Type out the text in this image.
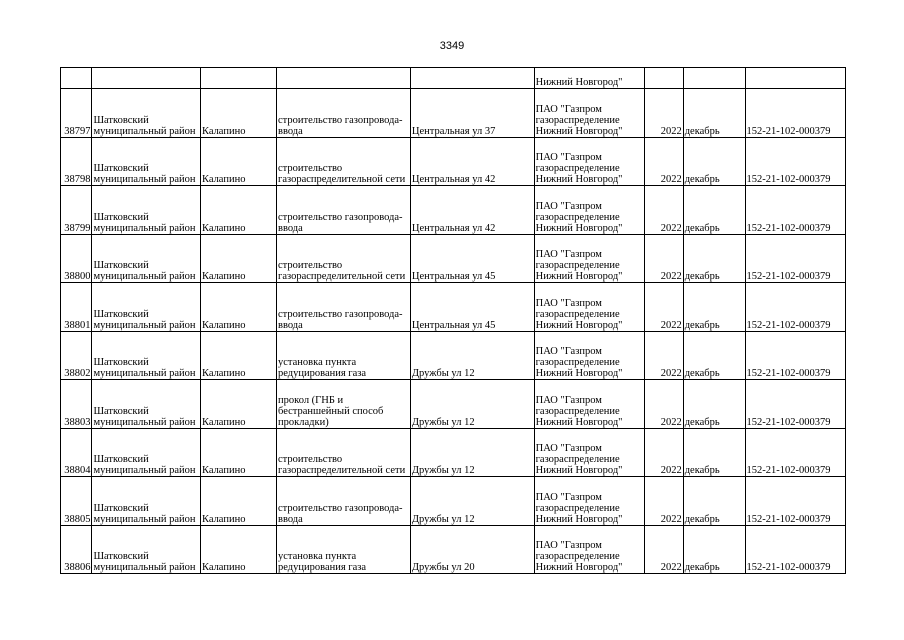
3349
					Нижний Новгород"			
38797	Шатковский муниципальный район	Калапино	строительство газопровода-ввода	Центральная ул 37	ПАО "Газпром газораспределение Нижний Новгород"	2022	декабрь	152-21-102-000379
38798	Шатковский муниципальный район	Калапино	строительство газораспределительной сети	Центральная ул 42	ПАО "Газпром газораспределение Нижний Новгород"	2022	декабрь	152-21-102-000379
38799	Шатковский муниципальный район	Калапино	строительство газопровода-ввода	Центральная ул 42	ПАО "Газпром газораспределение Нижний Новгород"	2022	декабрь	152-21-102-000379
38800	Шатковский муниципальный район	Калапино	строительство газораспределительной сети	Центральная ул 45	ПАО "Газпром газораспределение Нижний Новгород"	2022	декабрь	152-21-102-000379
38801	Шатковский муниципальный район	Калапино	строительство газопровода-ввода	Центральная ул 45	ПАО "Газпром газораспределение Нижний Новгород"	2022	декабрь	152-21-102-000379
38802	Шатковский муниципальный район	Калапино	установка пункта редуцирования газа	Дружбы ул 12	ПАО "Газпром газораспределение Нижний Новгород"	2022	декабрь	152-21-102-000379
38803	Шатковский муниципальный район	Калапино	прокол (ГНБ и бестраншейный способ прокладки)	Дружбы ул 12	ПАО "Газпром газораспределение Нижний Новгород"	2022	декабрь	152-21-102-000379
38804	Шатковский муниципальный район	Калапино	строительство газораспределительной сети	Дружбы ул 12	ПАО "Газпром газораспределение Нижний Новгород"	2022	декабрь	152-21-102-000379
38805	Шатковский муниципальный район	Калапино	строительство газопровода-ввода	Дружбы ул 12	ПАО "Газпром газораспределение Нижний Новгород"	2022	декабрь	152-21-102-000379
38806	Шатковский муниципальный район	Калапино	установка пункта редуцирования газа	Дружбы ул 20	ПАО "Газпром газораспределение Нижний Новгород"	2022	декабрь	152-21-102-000379
